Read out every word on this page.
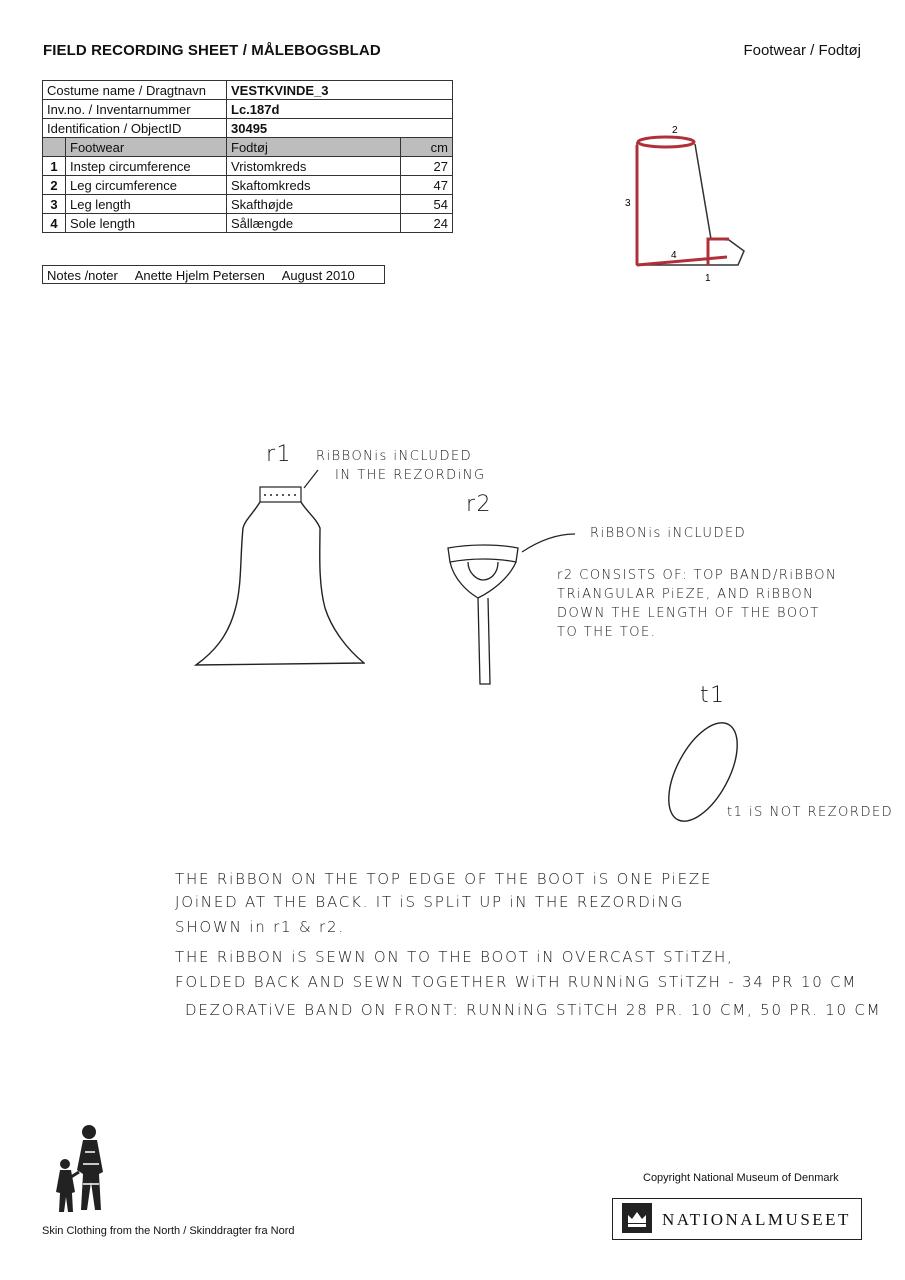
FIELD RECORDING SHEET / MÅLEBOGSBLAD	Footwear / Fodtøj
Costume name / Dragtnavn		VESTKVINDE_3	
Inv.no. / Inventarnummer		Lc.187d	
Identification / ObjectID		30495	
	Footwear	Fodtøj	cm
1	Instep circumference	Vristomkreds	27
2	Leg circumference	Skaftomkreds	47
3	Leg length	Skafthøjde	54
4	Sole length	Sållængde	24
Notes /noter Anette Hjelm Petersen August 2010
2
3
4
1
r1 RiBBONis iNCLUDED
IN THE REZORDiNG
r2
RiBBONis iNCLUDED
r2 CONSISTS OF: TOP BAND/RiBBON
TRiANGULAR PiEZE, AND RiBBON
DOWN THE LENGTH OF THE BOOT
TO THE TOE.
t1
t1 iS NOT REZORDED
THE RiBBON ON THE TOP EDGE OF THE BOOT iS ONE PiEZE
JOiNED AT THE BACK. IT iS SPLiT UP iN THE REZORDiNG
SHOWN in r1 & r2.
THE RiBBON iS SEWN ON TO THE BOOT iN OVERCAST STiTZH,
FOLDED BACK AND SEWN TOGETHER WiTH RUNNiNG STiTZH - 34 PR 10 CM
DEZORATiVE BAND ON FRONT: RUNNiNG STiTCH 28 PR. 10 CM, 50 PR. 10 CM
Skin Clothing from the North / Skinddragter fra Nord
Copyright National Museum of Denmark
NATIONALMUSEET
